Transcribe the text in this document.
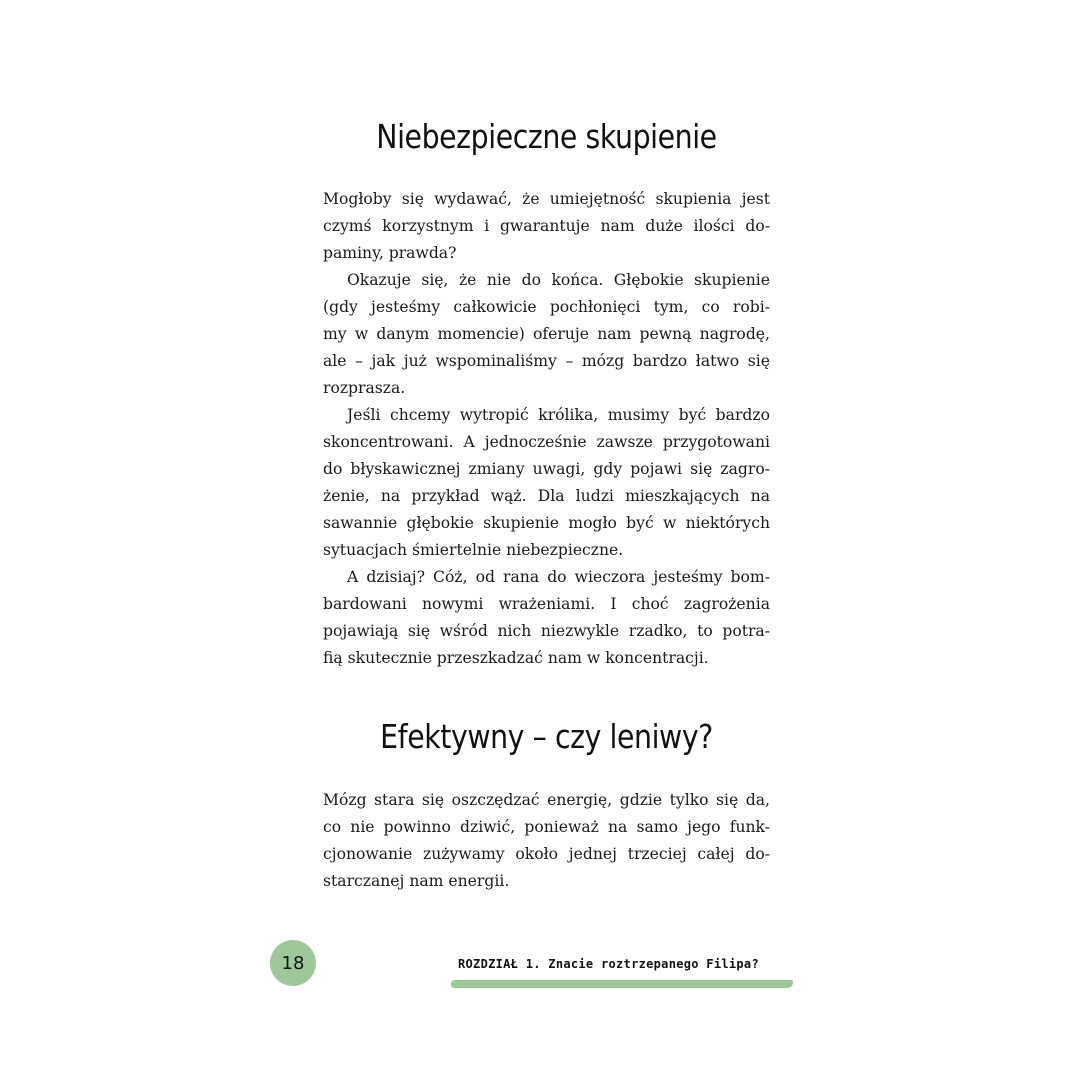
Niebezpieczne skupienie

Mogłoby się wydawać, że umiejętność skupienia jest

czymś korzystnym i gwarantuje nam duże ilości do-

paminy, prawda?

Okazuje się, że nie do końca. Głębokie skupienie

(gdy jesteśmy całkowicie pochłonięci tym, co robi-

my w danym momencie) oferuje nam pewną nagrodę,

ale – jak już wspominaliśmy – mózg bardzo łatwo się

rozprasza.

Jeśli chcemy wytropić królika, musimy być bardzo

skoncentrowani. A jednocześnie zawsze przygotowani

do błyskawicznej zmiany uwagi, gdy pojawi się zagro-

żenie, na przykład wąż. Dla ludzi mieszkających na

sawannie głębokie skupienie mogło być w niektórych

sytuacjach śmiertelnie niebezpieczne.

A dzisiaj? Cóż, od rana do wieczora jesteśmy bom-

bardowani nowymi wrażeniami. I choć zagrożenia

pojawiają się wśród nich niezwykle rzadko, to potra-

fią skutecznie przeszkadzać nam w koncentracji.

Efektywny – czy leniwy?

Mózg stara się oszczędzać energię, gdzie tylko się da,

co nie powinno dziwić, ponieważ na samo jego funk-

cjonowanie zużywamy około jednej trzeciej całej do-

starczanej nam energii.

18	ROZDZIAŁ 1. Znacie roztrzepanego Filipa?
